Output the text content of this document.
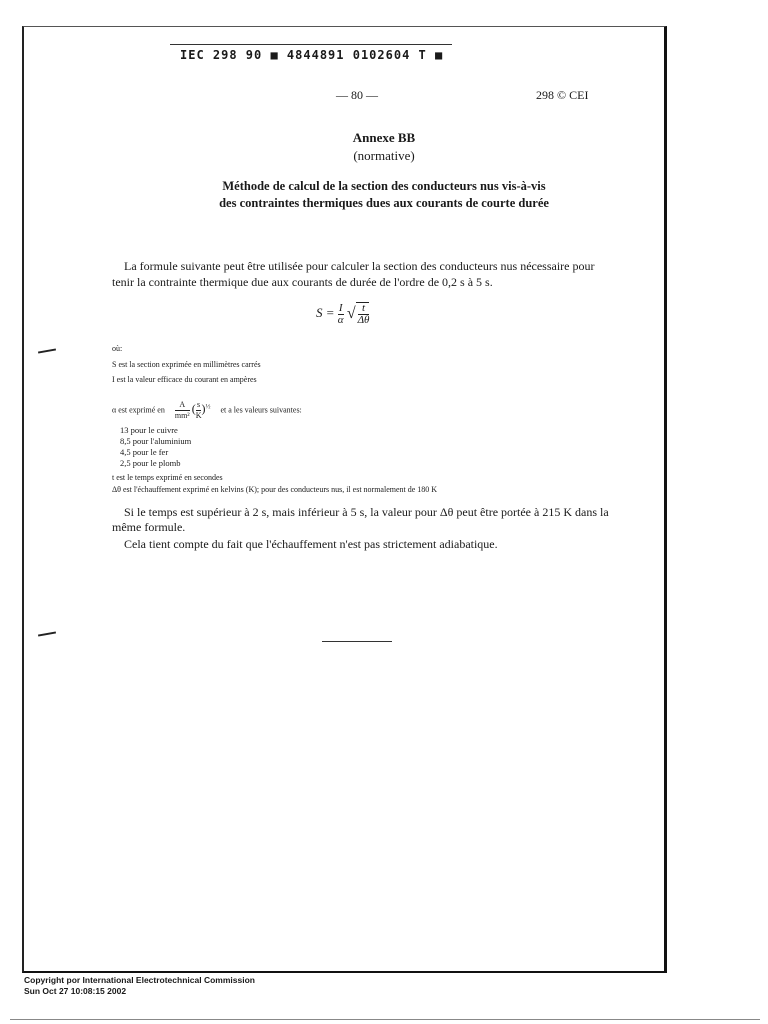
IEC 298 90 ■ 4844891 0102604 T ■
— 80 —	298 © CEI
Annexe BB
(normative)
Méthode de calcul de la section des conducteurs nus vis-à-vis des contraintes thermiques dues aux courants de courte durée
La formule suivante peut être utilisée pour calculer la section des conducteurs nus nécessaire pour tenir la contrainte thermique due aux courants de durée de l'ordre de 0,2 s à 5 s.
$S = \frac{I}{\alpha}$ √ $\frac{t}{\Delta\theta}$
où:
S est la section exprimée en millimètres carrés
I est la valeur efficace du courant en ampères
α est exprimé en $\frac{A}{\text{mm²}}$ ( $\frac{s}{K})^{\frac{1}{2}}$ et a les valeurs suivantes:
13 pour le cuivre
8,5 pour l'aluminium
4,5 pour le fer
2,5 pour le plomb
t est le temps exprimé en secondes
Δθ est l'échauffement exprimé en kelvins (K); pour des conducteurs nus, il est normalement de 180 K
Si le temps est supérieur à 2 s, mais inférieur à 5 s, la valeur pour Δθ peut être portée à 215 K dans la même formule.
Cela tient compte du fait que l'échauffement n'est pas strictement adiabatique.
Copyright por International Electrotechnical Commission
Sun Oct 27 10:08:15 2002
